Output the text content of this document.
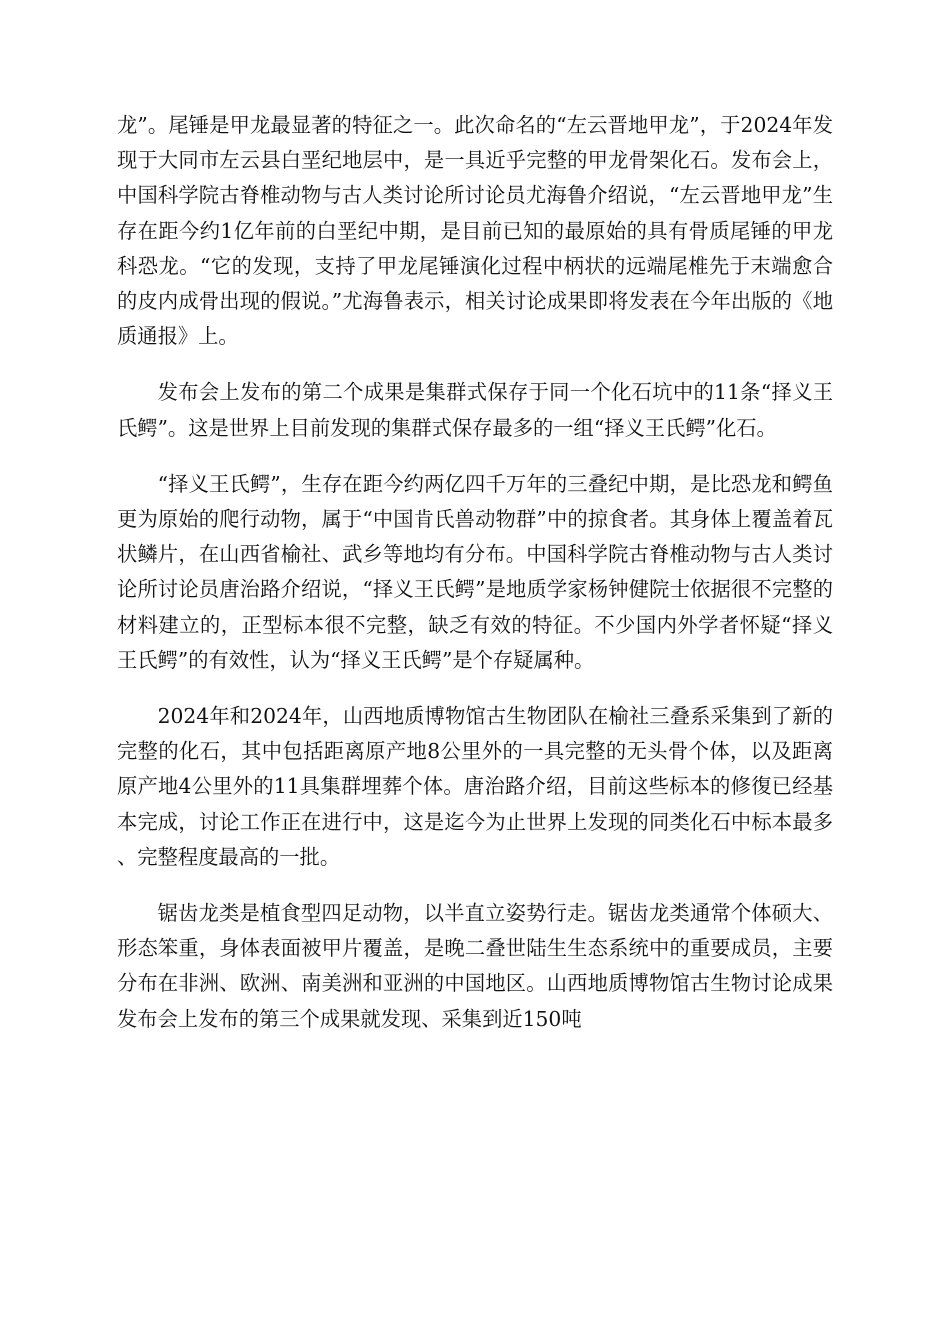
龙”。尾锤是甲龙最显著的特征之一。此次命名的“左云晋地甲龙”，于2024年发现于大同市左云县白垩纪地层中，是一具近乎完整的甲龙骨架化石。发布会上，中国科学院古脊椎动物与古人类讨论所讨论员尤海鲁介绍说，“左云晋地甲龙”生存在距今约1亿年前的白垩纪中期，是目前已知的最原始的具有骨质尾锤的甲龙科恐龙。“它的发现，支持了甲龙尾锤演化过程中柄状的远端尾椎先于末端愈合的皮内成骨出现的假说。”尤海鲁表示，相关讨论成果即将发表在今年出版的《地质通报》上。

发布会上发布的第二个成果是集群式保存于同一个化石坑中的11条“择义王氏鳄”。这是世界上目前发现的集群式保存最多的一组“择义王氏鳄”化石。

“择义王氏鳄”，生存在距今约两亿四千万年的三叠纪中期，是比恐龙和鳄鱼更为原始的爬行动物，属于“中国肯氏兽动物群”中的掠食者。其身体上覆盖着瓦状鳞片，在山西省榆社、武乡等地均有分布。中国科学院古脊椎动物与古人类讨论所讨论员唐治路介绍说，“择义王氏鳄”是地质学家杨钟健院士依据很不完整的材料建立的，正型标本很不完整，缺乏有效的特征。不少国内外学者怀疑“择义王氏鳄”的有效性，认为“择义王氏鳄”是个存疑属种。

2024年和2024年，山西地质博物馆古生物团队在榆社三叠系采集到了新的完整的化石，其中包括距离原产地8公里外的一具完整的无头骨个体，以及距离原产地4公里外的11具集群埋葬个体。唐治路介绍，目前这些标本的修復已经基本完成，讨论工作正在进行中，这是迄今为止世界上发现的同类化石中标本最多、完整程度最高的一批。

锯齿龙类是植食型四足动物，以半直立姿势行走。锯齿龙类通常个体硕大、形态笨重，身体表面被甲片覆盖，是晚二叠世陆生生态系统中的重要成员，主要分布在非洲、欧洲、南美洲和亚洲的中国地区。山西地质博物馆古生物讨论成果发布会上发布的第三个成果就发现、采集到近150吨
